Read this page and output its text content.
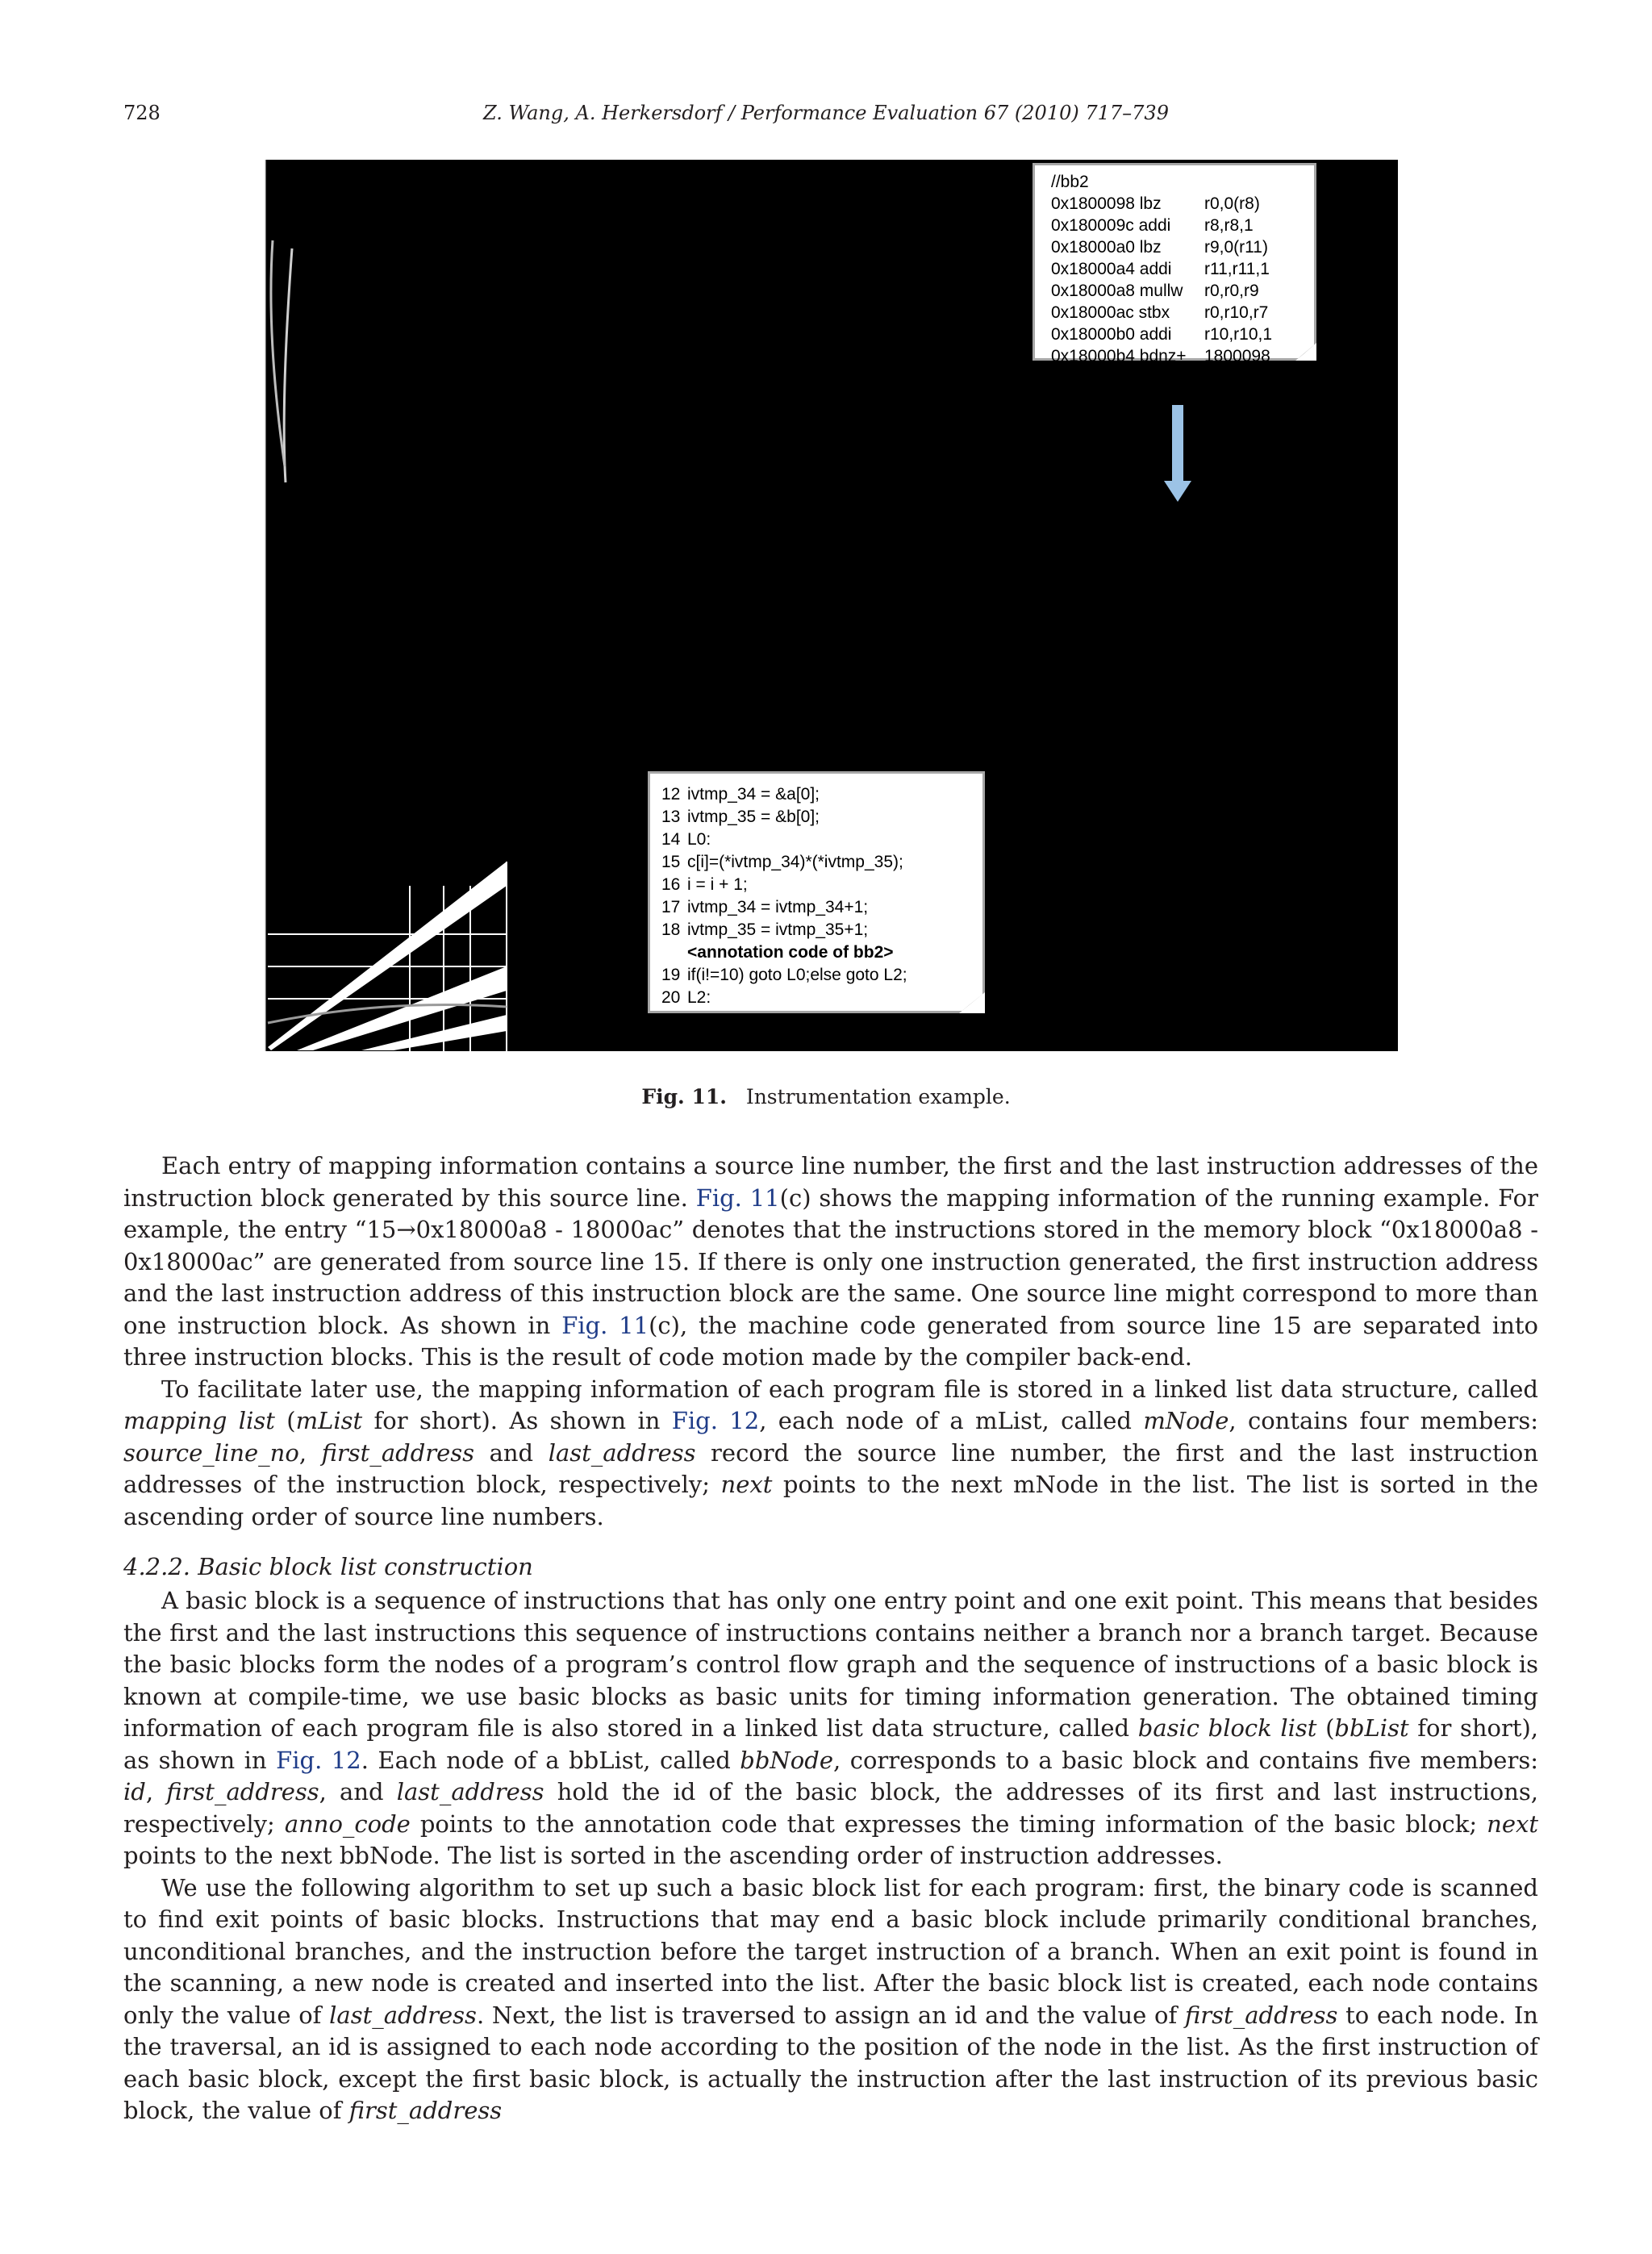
728	Z. Wang, A. Herkersdorf / Performance Evaluation 67 (2010) 717–739
//bb2
0x1800098 lbz	r0,0(r8)
0x180009c addi r8,r8,1
0x18000a0 lbz	r9,0(r11)
0x18000a4 addi r11,r11,1
0x18000a8 mullw r0,r0,r9
0x18000ac stbx r0,r10,r7
0x18000b0 addi r10,r10,1
0x18000b4 bdnz+ 1800098
12 ivtmp_34 = &a[0];
13 ivtmp_35 = &b[0];
14 L0:
15 c[i]=(*ivtmp_34)*(*ivtmp_35);
16 i = i + 1;
17 ivtmp_34 = ivtmp_34+1;
18 ivtmp_35 = ivtmp_35+1;
<annotation code of bb2>
19 if(i!=10) goto L0;else goto L2;
20 L2:
Fig. 11. Instrumentation example.

Each entry of mapping information contains a source line number, the first and the last instruction addresses of the instruction block generated by this source line. Fig. 11(c) shows the mapping information of the running example. For example, the entry “15→0x18000a8 - 18000ac” denotes that the instructions stored in the memory block “0x18000a8 - 0x18000ac” are generated from source line 15. If there is only one instruction generated, the first instruction address and the last instruction address of this instruction block are the same. One source line might correspond to more than one instruction block. As shown in Fig. 11(c), the machine code generated from source line 15 are separated into three instruction blocks. This is the result of code motion made by the compiler back-end.

To facilitate later use, the mapping information of each program file is stored in a linked list data structure, called mapping list (mList for short). As shown in Fig. 12, each node of a mList, called mNode, contains four members: source_line_no, first_address and last_address record the source line number, the first and the last instruction addresses of the instruction block, respectively; next points to the next mNode in the list. The list is sorted in the ascending order of source line numbers.

4.2.2. Basic block list construction

A basic block is a sequence of instructions that has only one entry point and one exit point. This means that besides the first and the last instructions this sequence of instructions contains neither a branch nor a branch target. Because the basic blocks form the nodes of a program’s control flow graph and the sequence of instructions of a basic block is known at compile-time, we use basic blocks as basic units for timing information generation. The obtained timing information of each program file is also stored in a linked list data structure, called basic block list (bbList for short), as shown in Fig. 12. Each node of a bbList, called bbNode, corresponds to a basic block and contains five members: id, first_address, and last_address hold the id of the basic block, the addresses of its first and last instructions, respectively; anno_code points to the annotation code that expresses the timing information of the basic block; next points to the next bbNode. The list is sorted in the ascending order of instruction addresses.

We use the following algorithm to set up such a basic block list for each program: first, the binary code is scanned to find exit points of basic blocks. Instructions that may end a basic block include primarily conditional branches, unconditional branches, and the instruction before the target instruction of a branch. When an exit point is found in the scanning, a new node is created and inserted into the list. After the basic block list is created, each node contains only the value of last_address. Next, the list is traversed to assign an id and the value of first_address to each node. In the traversal, an id is assigned to each node according to the position of the node in the list. As the first instruction of each basic block, except the first basic block, is actually the instruction after the last instruction of its previous basic block, the value of first_address
